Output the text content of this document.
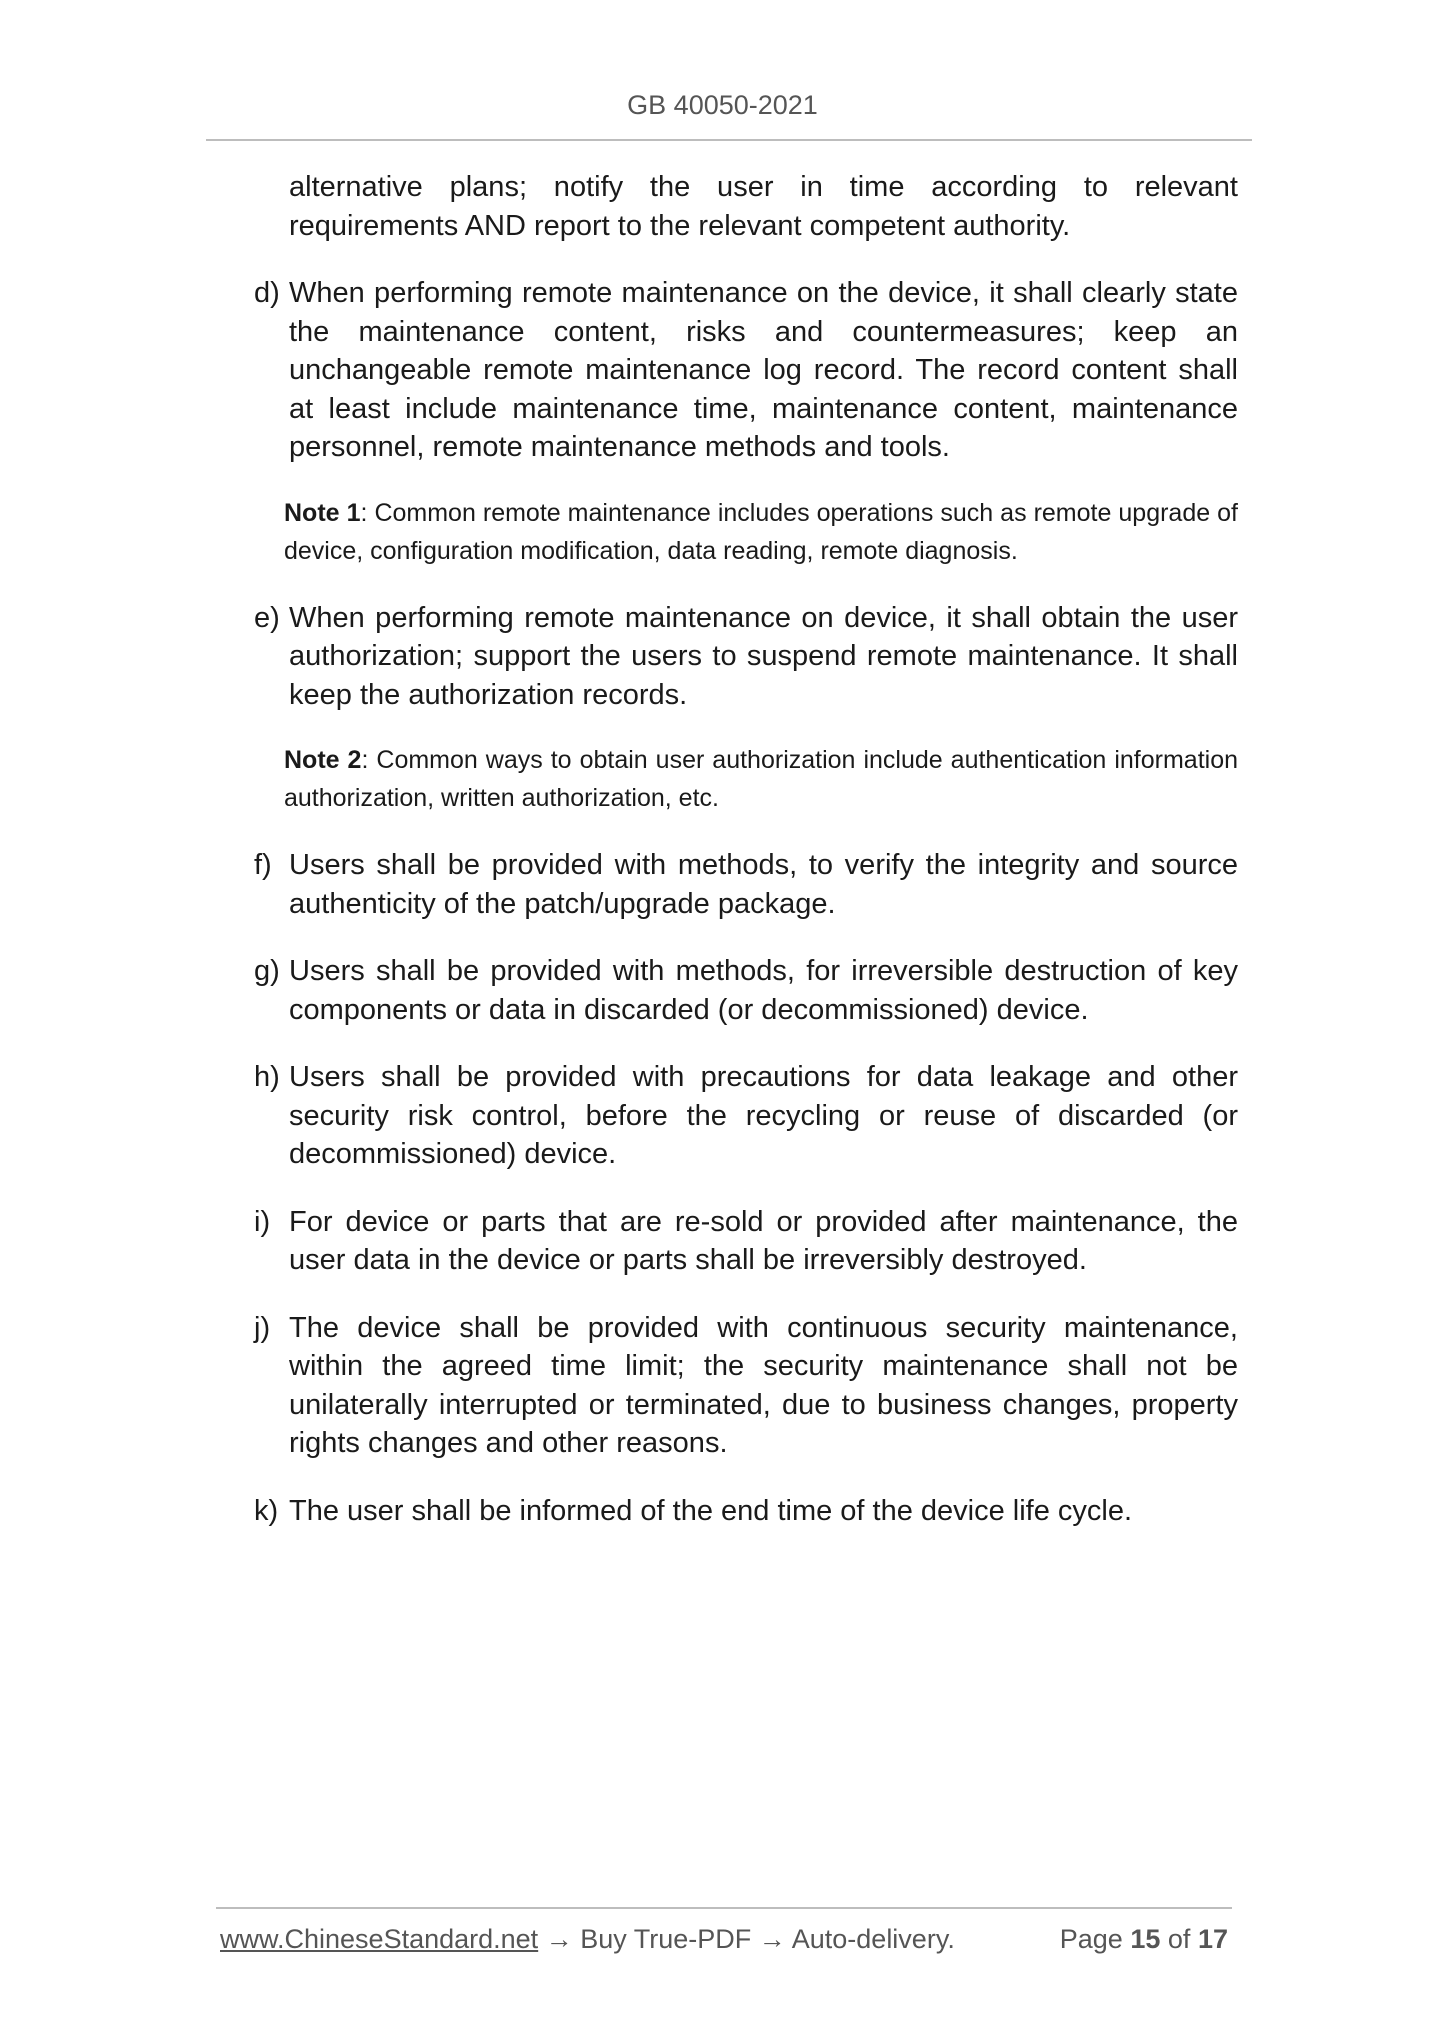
GB 40050-2021
alternative plans; notify the user in time according to relevant requirements AND report to the relevant competent authority.
d) When performing remote maintenance on the device, it shall clearly state the maintenance content, risks and countermeasures; keep an unchangeable remote maintenance log record. The record content shall at least include maintenance time, maintenance content, maintenance personnel, remote maintenance methods and tools.
Note 1: Common remote maintenance includes operations such as remote upgrade of device, configuration modification, data reading, remote diagnosis.
e) When performing remote maintenance on device, it shall obtain the user authorization; support the users to suspend remote maintenance. It shall keep the authorization records.
Note 2: Common ways to obtain user authorization include authentication information authorization, written authorization, etc.
f) Users shall be provided with methods, to verify the integrity and source authenticity of the patch/upgrade package.
g) Users shall be provided with methods, for irreversible destruction of key components or data in discarded (or decommissioned) device.
h) Users shall be provided with precautions for data leakage and other security risk control, before the recycling or reuse of discarded (or decommissioned) device.
i) For device or parts that are re-sold or provided after maintenance, the user data in the device or parts shall be irreversibly destroyed.
j) The device shall be provided with continuous security maintenance, within the agreed time limit; the security maintenance shall not be unilaterally interrupted or terminated, due to business changes, property rights changes and other reasons.
k) The user shall be informed of the end time of the device life cycle.
www.ChineseStandard.net → Buy True-PDF → Auto-delivery.	Page 15 of 17
